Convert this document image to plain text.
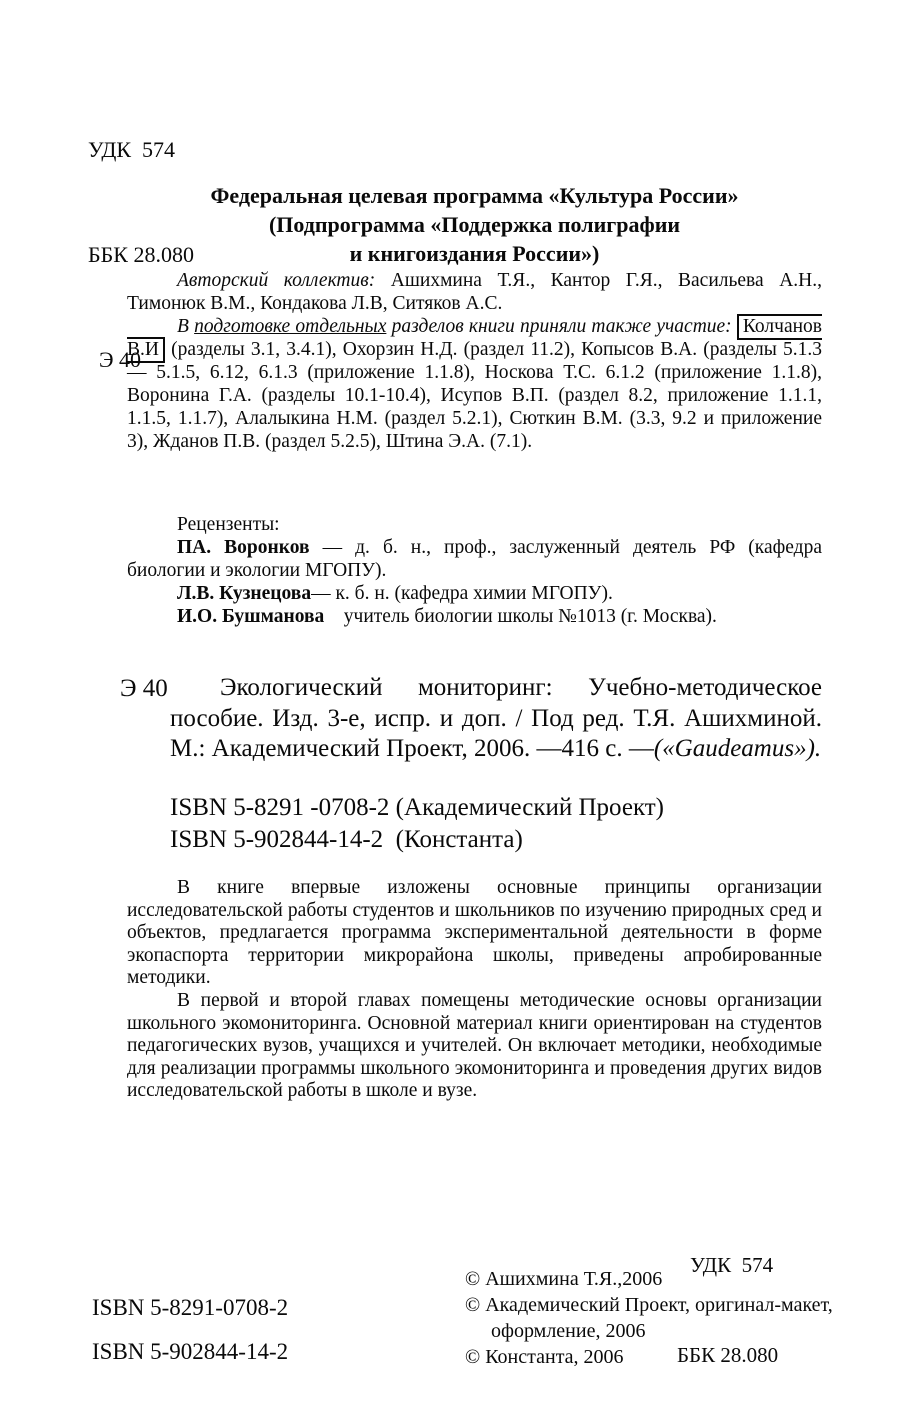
УДК 574

ББК 28.080

Э 40

Федеральная целевая программа «Культура России»
(Подпрограмма «Поддержка полиграфии
и книгоиздания России»)

Авторский коллектив: Ашихмина Т.Я., Кантор Г.Я., Васильева А.Н., Тимонюк В.М., Кондакова Л.В, Ситяков А.С.

В подготовке отдельных разделов книги приняли также участие: Колчанов В.И (разделы 3.1, 3.4.1), Охорзин Н.Д. (раздел 11.2), Копысов В.А. (разделы 5.1.3 — 5.1.5, 6.12, 6.1.3 (приложение 1.1.8), Носкова Т.С. 6.1.2 (приложение 1.1.8), Воронина Г.А. (разделы 10.1-10.4), Исупов В.П. (раздел 8.2, приложение 1.1.1, 1.1.5, 1.1.7), Алалыкина Н.М. (раздел 5.2.1), Сюткин В.М. (3.3, 9.2 и приложение 3), Жданов П.В. (раздел 5.2.5), Штина Э.А. (7.1).

Рецензенты:

ПА. Воронков — д. б. н., проф., заслуженный деятель РФ (кафедра биологии и экологии МГОПУ).

Л.В. Кузнецова— к. б. н. (кафедра химии МГОПУ).

И.О. Бушманова  учитель биологии школы №1013 (г. Москва).

Э 40	Экологический мониторинг: Учебно-методическое пособие. Изд. 3-е, испр. и доп. / Под ред. Т.Я. Ашихминой. М.: Академический Проект, 2006. —416 с. —(«Gaudeamus»).

ISBN 5-8291 -0708-2 (Академический Проект)
ISBN 5-902844-14-2 (Константа)

В книге впервые изложены основные принципы организации исследовательской работы студентов и школьников по изучению природных сред и объектов, предлагается программа экспериментальной деятельности в форме экопаспорта территории микрорайона школы, приведены апробированные методики.

В первой и второй главах помещены методические основы организации школьного экомониторинга. Основной материал книги ориентирован на студентов педагогических вузов, учащихся и учителей. Он включает методики, необходимые для реализации программы школьного экомониторинга и проведения других видов исследовательской работы в школе и вузе.

УДК 574

ББК 28.080

© Ашихмина Т.Я.,2006

© Академический Проект, оригинал-макет, оформление, 2006

© Константа, 2006

ISBN 5-8291-0708-2
ISBN 5-902844-14-2
